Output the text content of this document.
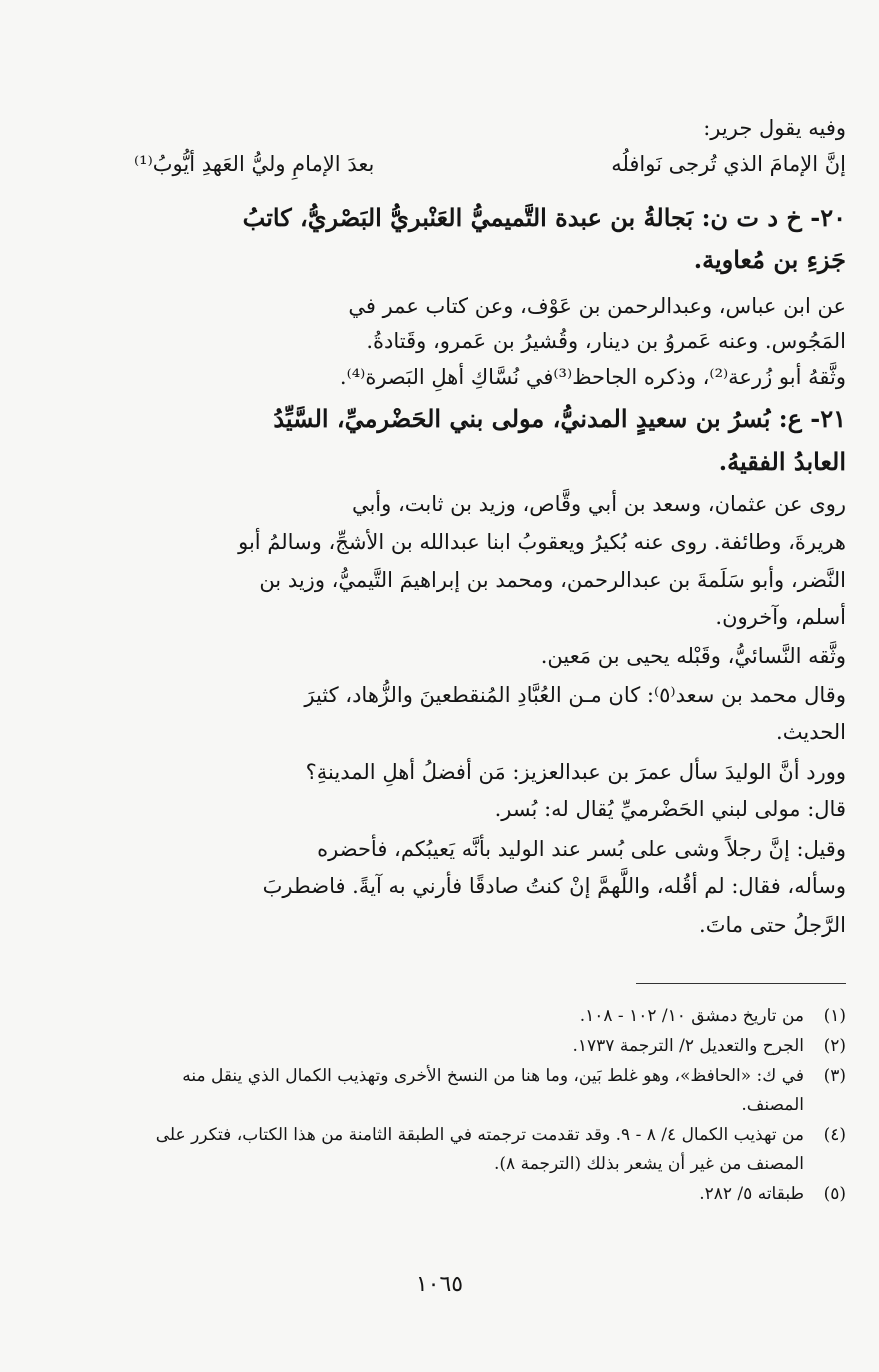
وفيه يقول جرير:
إنَّ الإمامَ الذي تُرجى نَوافلُه
بعدَ الإمامِ وليُّ العَهدِ أيُّوبُ⁽¹⁾
٢٠- خ د ت ن: بَجالةُ بن عبدة التَّميميُّ العَنْبريُّ البَصْريُّ، كاتبُ
جَزءِ بن مُعاوية.
عن ابن عباس، وعبدالرحمن بن عَوْف، وعن كتاب عمر في
المَجُوس. وعنه عَمروُ بن دينار، وقُشيرُ بن عَمرو، وقَتادةُ.
وثَّقهُ أبو زُرعة⁽²⁾، وذكره الجاحظ⁽³⁾في نُسَّاكِ أهلِ البَصرة⁽⁴⁾.
٢١- ع: بُسرُ بن سعيدٍ المدنيُّ، مولى بني الحَضْرميِّ، السَّيِّدُ
العابدُ الفقيهُ.
روى عن عثمان، وسعد بن أبي وقَّاص، وزيد بن ثابت، وأبي
هريرةَ، وطائفة. روى عنه بُكيرُ ويعقوبُ ابنا عبدالله بن الأشجِّ، وسالمُ أبو
النَّضر، وأبو سَلَمةَ بن عبدالرحمن، ومحمد بن إبراهيمَ التَّيميُّ، وزيد بن
أسلم، وآخرون.
وثَّقه النَّسائيُّ، وقَبْله يحيى بن مَعين.
وقال محمد بن سعد⁽٥⁾: كان مـن العُبَّادِ المُنقطعينَ والزُّهاد، كثيرَ
الحديث.
وورد أنَّ الوليدَ سأل عمرَ بن عبدالعزيز: مَن أفضلُ أهلِ المدينةِ؟
قال: مولى لبني الحَضْرميِّ يُقال له: بُسر.
وقيل: إنَّ رجلاً وشى على بُسر عند الوليد بأنَّه يَعيبُكم، فأحضره
وسأله، فقال: لم أقُله، واللَّهمَّ إنْ كنتُ صادقًا فأرني به آيةً. فاضطربَ
الرَّجلُ حتى ماتَ.
(١)
من تاريخ دمشق ١٠/ ١٠٢ - ١٠٨.
(٢)
الجرح والتعديل ٢/ الترجمة ١٧٣٧.
(٣)
في ك: «الحافظ»، وهو غلط بَين، وما هنا من النسخ الأخرى وتهذيب الكمال الذي ينقل منه المصنف.
(٤)
من تهذيب الكمال ٤/ ٨ - ٩. وقد تقدمت ترجمته في الطبقة الثامنة من هذا الكتاب، فتكرر على المصنف من غير أن يشعر بذلك (الترجمة ٨).
(٥)
طبقاته ٥/ ٢٨٢.
١٠٦٥
